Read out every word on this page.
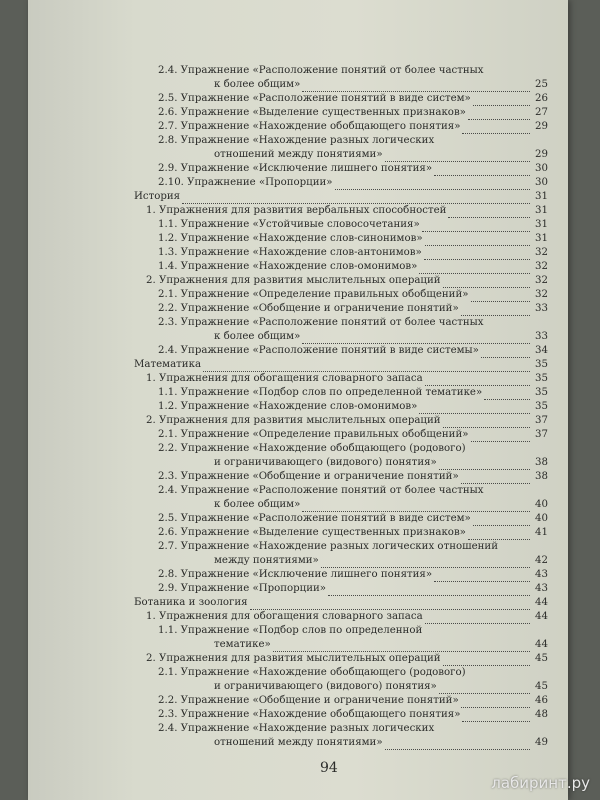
2.4. Упражнение «Расположение понятий от более частных
к более общим»	25
2.5. Упражнение «Расположение понятий в виде систем»	26
2.6. Упражнение «Выделение существенных признаков»	27
2.7. Упражнение «Нахождение обобщающего понятия»	29
2.8. Упражнение «Нахождение разных логических
отношений между понятиями»	29
2.9. Упражнение «Исключение лишнего понятия»	30
2.10. Упражнение «Пропорции»	30
История	31
1. Упражнения для развития вербальных способностей	31
1.1. Упражнение «Устойчивые словосочетания»	31
1.2. Упражнение «Нахождение слов-синонимов»	31
1.3. Упражнение «Нахождение слов-антонимов»	32
1.4. Упражнение «Нахождение слов-омонимов»	32
2. Упражнения для развития мыслительных операций	32
2.1. Упражнение «Определение правильных обобщений»	32
2.2. Упражнение «Обобщение и ограничение понятий»	33
2.3. Упражнение «Расположение понятий от более частных
к более общим»	33
2.4. Упражнение «Расположение понятий в виде системы»	34
Математика	35
1. Упражнения для обогащения словарного запаса	35
1.1. Упражнение «Подбор слов по определенной тематике»	35
1.2. Упражнение «Нахождение слов-омонимов»	35
2. Упражнения для развития мыслительных операций	37
2.1. Упражнение «Определение правильных обобщений»	37
2.2. Упражнение «Нахождение обобщающего (родового)
и ограничивающего (видового) понятия»	38
2.3. Упражнение «Обобщение и ограничение понятий»	38
2.4. Упражнение «Расположение понятий от более частных
к более общим»	40
2.5. Упражнение «Расположение понятий в виде систем»	40
2.6. Упражнение «Выделение существенных признаков»	41
2.7. Упражнение «Нахождение разных логических отношений
между понятиями»	42
2.8. Упражнение «Исключение лишнего понятия»	43
2.9. Упражнение «Пропорции»	43
Ботаника и зоология	44
1. Упражнения для обогащения словарного запаса	44
1.1. Упражнение «Подбор слов по определенной
тематике»	44
2. Упражнения для развития мыслительных операций	45
2.1. Упражнение «Нахождение обобщающего (родового)
и ограничивающего (видового) понятия»	45
2.2. Упражнение «Обобщение и ограничение понятий»	46
2.3. Упражнение «Нахождение обобщающего понятия»	48
2.4. Упражнение «Нахождение разных логических
отношений между понятиями»	49
94
лабиринт.ру
